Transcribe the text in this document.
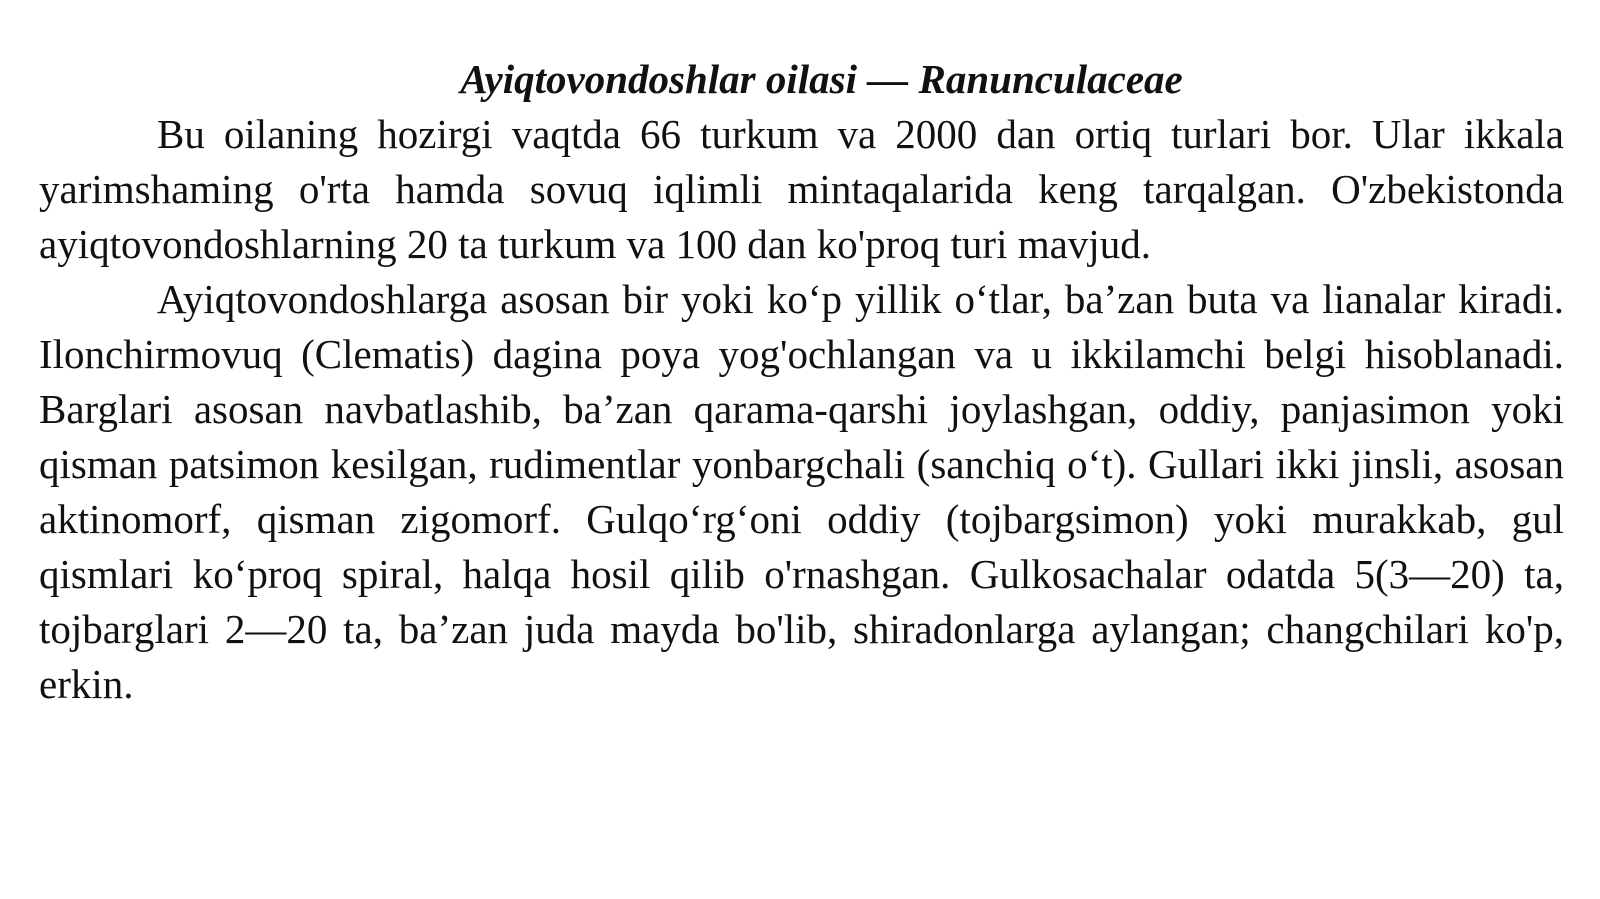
Ayiqtovondoshlar oilasi — Ranunculaceae

Bu oilaning hozirgi vaqtda 66 turkum va 2000 dan ortiq turlari bor. Ular ikkala yarimshaming o'rta hamda sovuq iqlimli mintaqalarida keng tarqalgan. O'zbekistonda ayiqtovondoshlarning 20 ta turkum va 100 dan ko'proq turi mavjud.

Ayiqtovondoshlarga asosan bir yoki koʻp yillik oʻtlar, baʼzan buta va lianalar kiradi. Ilonchirmovuq (Clematis) dagina poya yog'ochlangan va u ikkilamchi belgi hisoblanadi. Barglari asosan navbatlashib, baʼzan qarama-qarshi joylashgan, oddiy, panjasimon yoki qisman patsimon kesilgan, rudimentlar yonbargchali (sanchiq oʻt). Gullari ikki jinsli, asosan aktinomorf, qisman zigomorf. Gulqoʻrgʻoni oddiy (tojbargsimon) yoki murakkab, gul qismlari koʻproq spiral, halqa hosil qilib o'rnashgan. Gulkosachalar odatda 5(3—20) ta, tojbarglari 2—20 ta, baʼzan juda mayda bo'lib, shiradonlarga aylangan; changchilari ko'p, erkin.
